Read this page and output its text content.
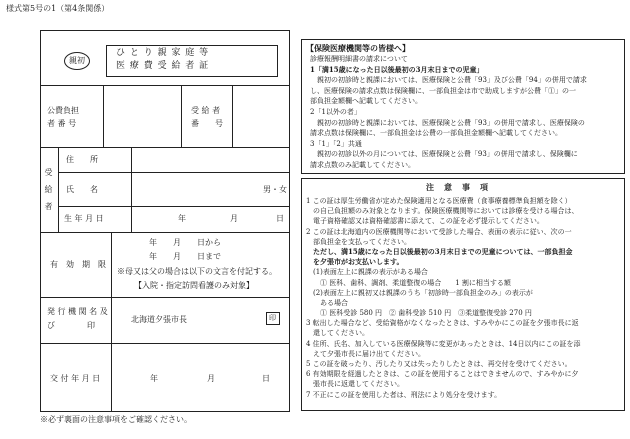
様式第5号の1（第4条関係）
親初
ひ と り 親 家 庭 等
医 療 費 受 給 者 証
公費負担
者 番 号
受 給 者
番　　号
受給者
住　　所
氏　　名	男・女
生 年 月 日	年	月	日
有　効　期　限
年　　月　　日から
年　　月　　日まで
※母又は父の場合は以下の文言を付記する。
【入院・指定訪問看護のみ対象】
発 行 機 関 名 及
び　　　　印
北海道夕張市長	印
交 付 年 月 日	年	月	日
※必ず裏面の注意事項をご確認ください。
【保険医療機関等の皆様へ】
診療報酬明細書の請求について
1「満15歳になった日以後最初の3月末日までの児童」
　親初の初診時と親課においては、医療保険と公費「93」及び公費「94」の併用で請求
し、医療保険の請求点数は保険欄に、一部負担金は市で助成しますが公費「①」の一
部負担金額欄へ記載してください。
2「1以外の者」
　親初の初診時と親課においては、医療保険と公費「93」の併用で請求し、医療保険の
請求点数は保険欄に、一部負担金は公費の一部負担金額欄へ記載してください。
3「1」「2」共通
　親初の初診以外の月については、医療保険と公費「93」の併用で請求し、保険欄に
請求点数のみ記載してください。
注　意　事　項
1 この証は厚生労働省が定めた保険適用となる医療費（食事療養標準負担額を除く）
　の自己負担額のみ対象となります。保険医療機関等においては診療を受ける場合は、
　電子資格確認又は資格確認書に添えて、この証を必ず提示してください。
2 この証は北海道内の医療機関等において受診した場合、表面の表示に従い、次の一
　部負担金を支払ってください。
　ただし、満15歳になった日以後最初の3月末日までの児童については、一部負担金
　を夕張市がお支払いします。
　(1)表面左上に親課の表示がある場合
　　① 医科、歯科、調剤、柔道整復の場合　　1 割に相当する額
　(2)表面左上に親初又は親課のうち「初診時一部負担金のみ」の表示が
　　ある場合
　　① 医科受診 580 円　② 歯科受診 510 円　③柔道整復受診 270 円
3 転出した場合など、受給資格がなくなったときは、すみやかにこの証を夕張市長に返
　還してください。
4 住所、氏名、加入している医療保険等に変更があったときは、14日以内にこの証を添
　えて夕張市長に届け出てください。
5 この証を破ったり、汚したり又は失ったりしたときは、再交付を受けてください。
6 有効期限を経過したときは、この証を使用することはできませんので、すみやかに夕
　張市長に返還してください。
7 不正にこの証を使用した者は、刑法により処分を受けます。
